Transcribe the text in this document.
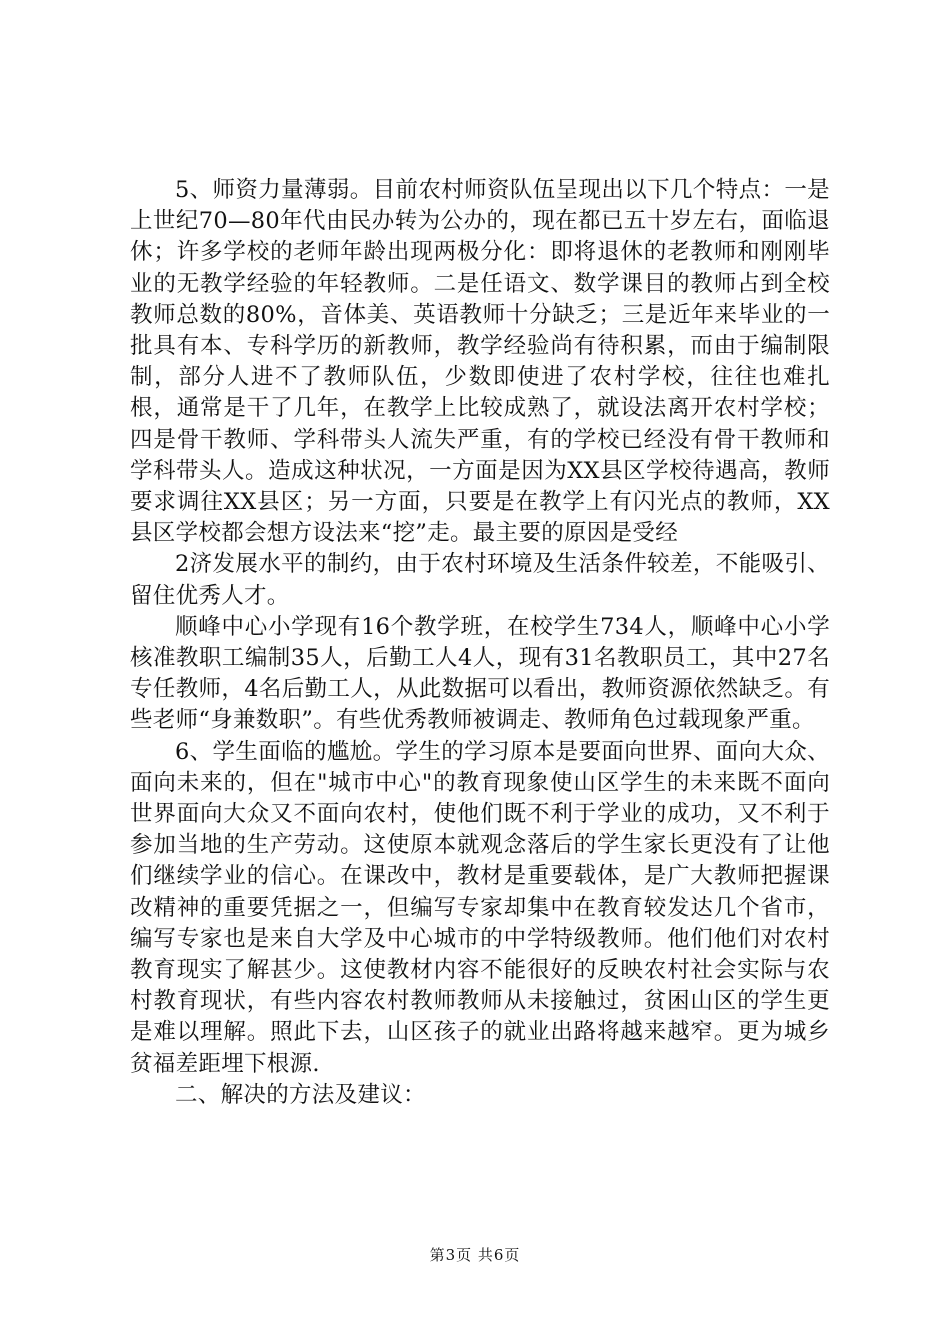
5、师资力量薄弱。目前农村师资队伍呈现出以下几个特点：一是上世纪70—80年代由民办转为公办的，现在都已五十岁左右，面临退休；许多学校的老师年龄出现两极分化：即将退休的老教师和刚刚毕业的无教学经验的年轻教师。二是任语文、数学课目的教师占到全校教师总数的80%，音体美、英语教师十分缺乏；三是近年来毕业的一批具有本、专科学历的新教师，教学经验尚有待积累，而由于编制限制，部分人进不了教师队伍，少数即使进了农村学校，往往也难扎根，通常是干了几年，在教学上比较成熟了，就设法离开农村学校；四是骨干教师、学科带头人流失严重，有的学校已经没有骨干教师和学科带头人。造成这种状况，一方面是因为XX县区学校待遇高，教师要求调往XX县区；另一方面，只要是在教学上有闪光点的教师，XX县区学校都会想方设法来“挖”走。最主要的原因是受经

2济发展水平的制约，由于农村环境及生活条件较差，不能吸引、留住优秀人才。

顺峰中心小学现有16个教学班，在校学生734人，顺峰中心小学核准教职工编制35人，后勤工人4人，现有31名教职员工，其中27名专任教师，4名后勤工人，从此数据可以看出，教师资源依然缺乏。有些老师“身兼数职”。有些优秀教师被调走、教师角色过载现象严重。

6、学生面临的尴尬。学生的学习原本是要面向世界、面向大众、面向未来的，但在"城市中心"的教育现象使山区学生的未来既不面向世界面向大众又不面向农村，使他们既不利于学业的成功，又不利于参加当地的生产劳动。这使原本就观念落后的学生家长更没有了让他们继续学业的信心。在课改中，教材是重要载体，是广大教师把握课改精神的重要凭据之一，但编写专家却集中在教育较发达几个省市，编写专家也是来自大学及中心城市的中学特级教师。他们他们对农村教育现实了解甚少。这使教材内容不能很好的反映农村社会实际与农村教育现状，有些内容农村教师教师从未接触过，贫困山区的学生更是难以理解。照此下去，山区孩子的就业出路将越来越窄。更为城乡贫福差距埋下根源.

二、解决的方法及建议：

第3页 共6页
